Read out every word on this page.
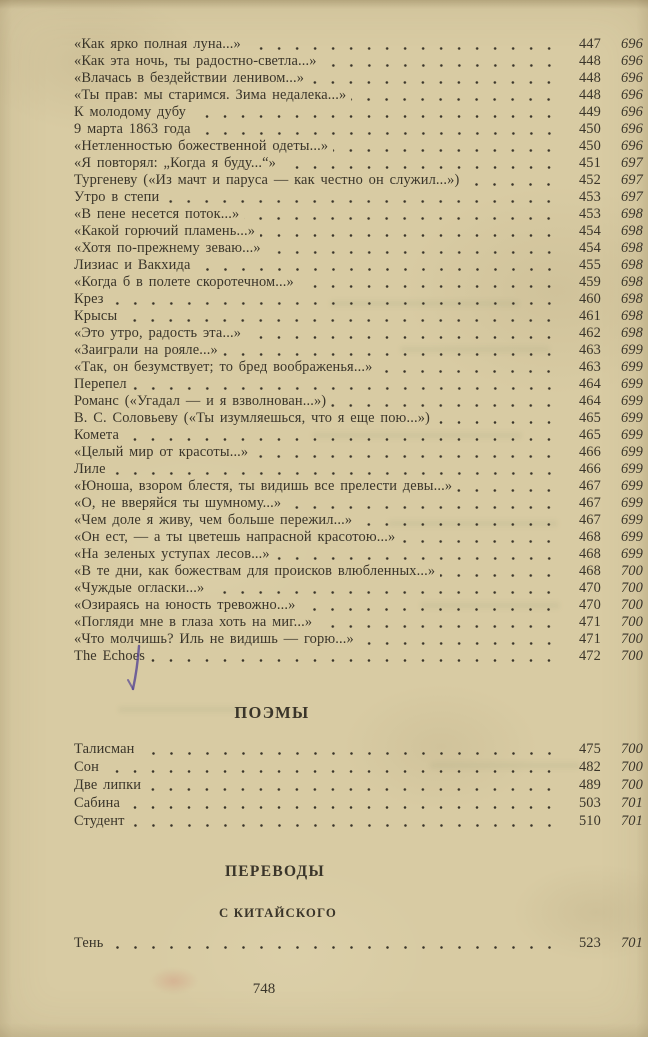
«Как ярко полная луна...»	447	696
«Как эта ночь, ты радостно-светла...»	448	696
«Влачась в бездействии ленивом...»	448	696
«Ты прав: мы старимся. Зима недалека...»	448	696
К молодому дубу	449	696
9 марта 1863 года	450	696
«Нетленностью божественной одеты...»	450	696
«Я повторял: „Когда я буду...“»	451	697
Тургеневу («Из мачт и паруса — как честно он служил...»)	452	697
Утро в степи	453	697
«В пене несется поток...»	453	698
«Какой горючий пламень...»	454	698
«Хотя по-прежнему зеваю...»	454	698
Лизиас и Вакхида	455	698
«Когда б в полете скоротечном...»	459	698
Крез	460	698
Крысы	461	698
«Это утро, радость эта...»	462	698
«Заиграли на рояле...»	463	699
«Так, он безумствует; то бред воображенья...»	463	699
Перепел	464	699
Романс («Угадал — и я взволнован...»)	464	699
В. С. Соловьеву («Ты изумляешься, что я еще пою...»)	465	699
Комета	465	699
«Целый мир от красоты...»	466	699
Лиле	466	699
«Юноша, взором блестя, ты видишь все прелести девы...»	467	699
«О, не вверяйся ты шумному...»	467	699
«Чем доле я живу, чем больше пережил...»	467	699
«Он ест, — а ты цветешь напрасной красотою...»	468	699
«На зеленых уступах лесов...»	468	699
«В те дни, как божествам для происков влюбленных...»	468	700
«Чуждые огласки...»	470	700
«Озираясь на юность тревожно...»	470	700
«Погляди мне в глаза хоть на миг...»	471	700
«Что молчишь? Иль не видишь — горю...»	471	700
The Echoes	472	700
ПОЭМЫ
Талисман	475	700
Сон	482	700
Две липки	489	700
Сабина	503	701
Студент	510	701
ПЕРЕВОДЫ
С КИТАЙСКОГО
Тень	523	701
748
